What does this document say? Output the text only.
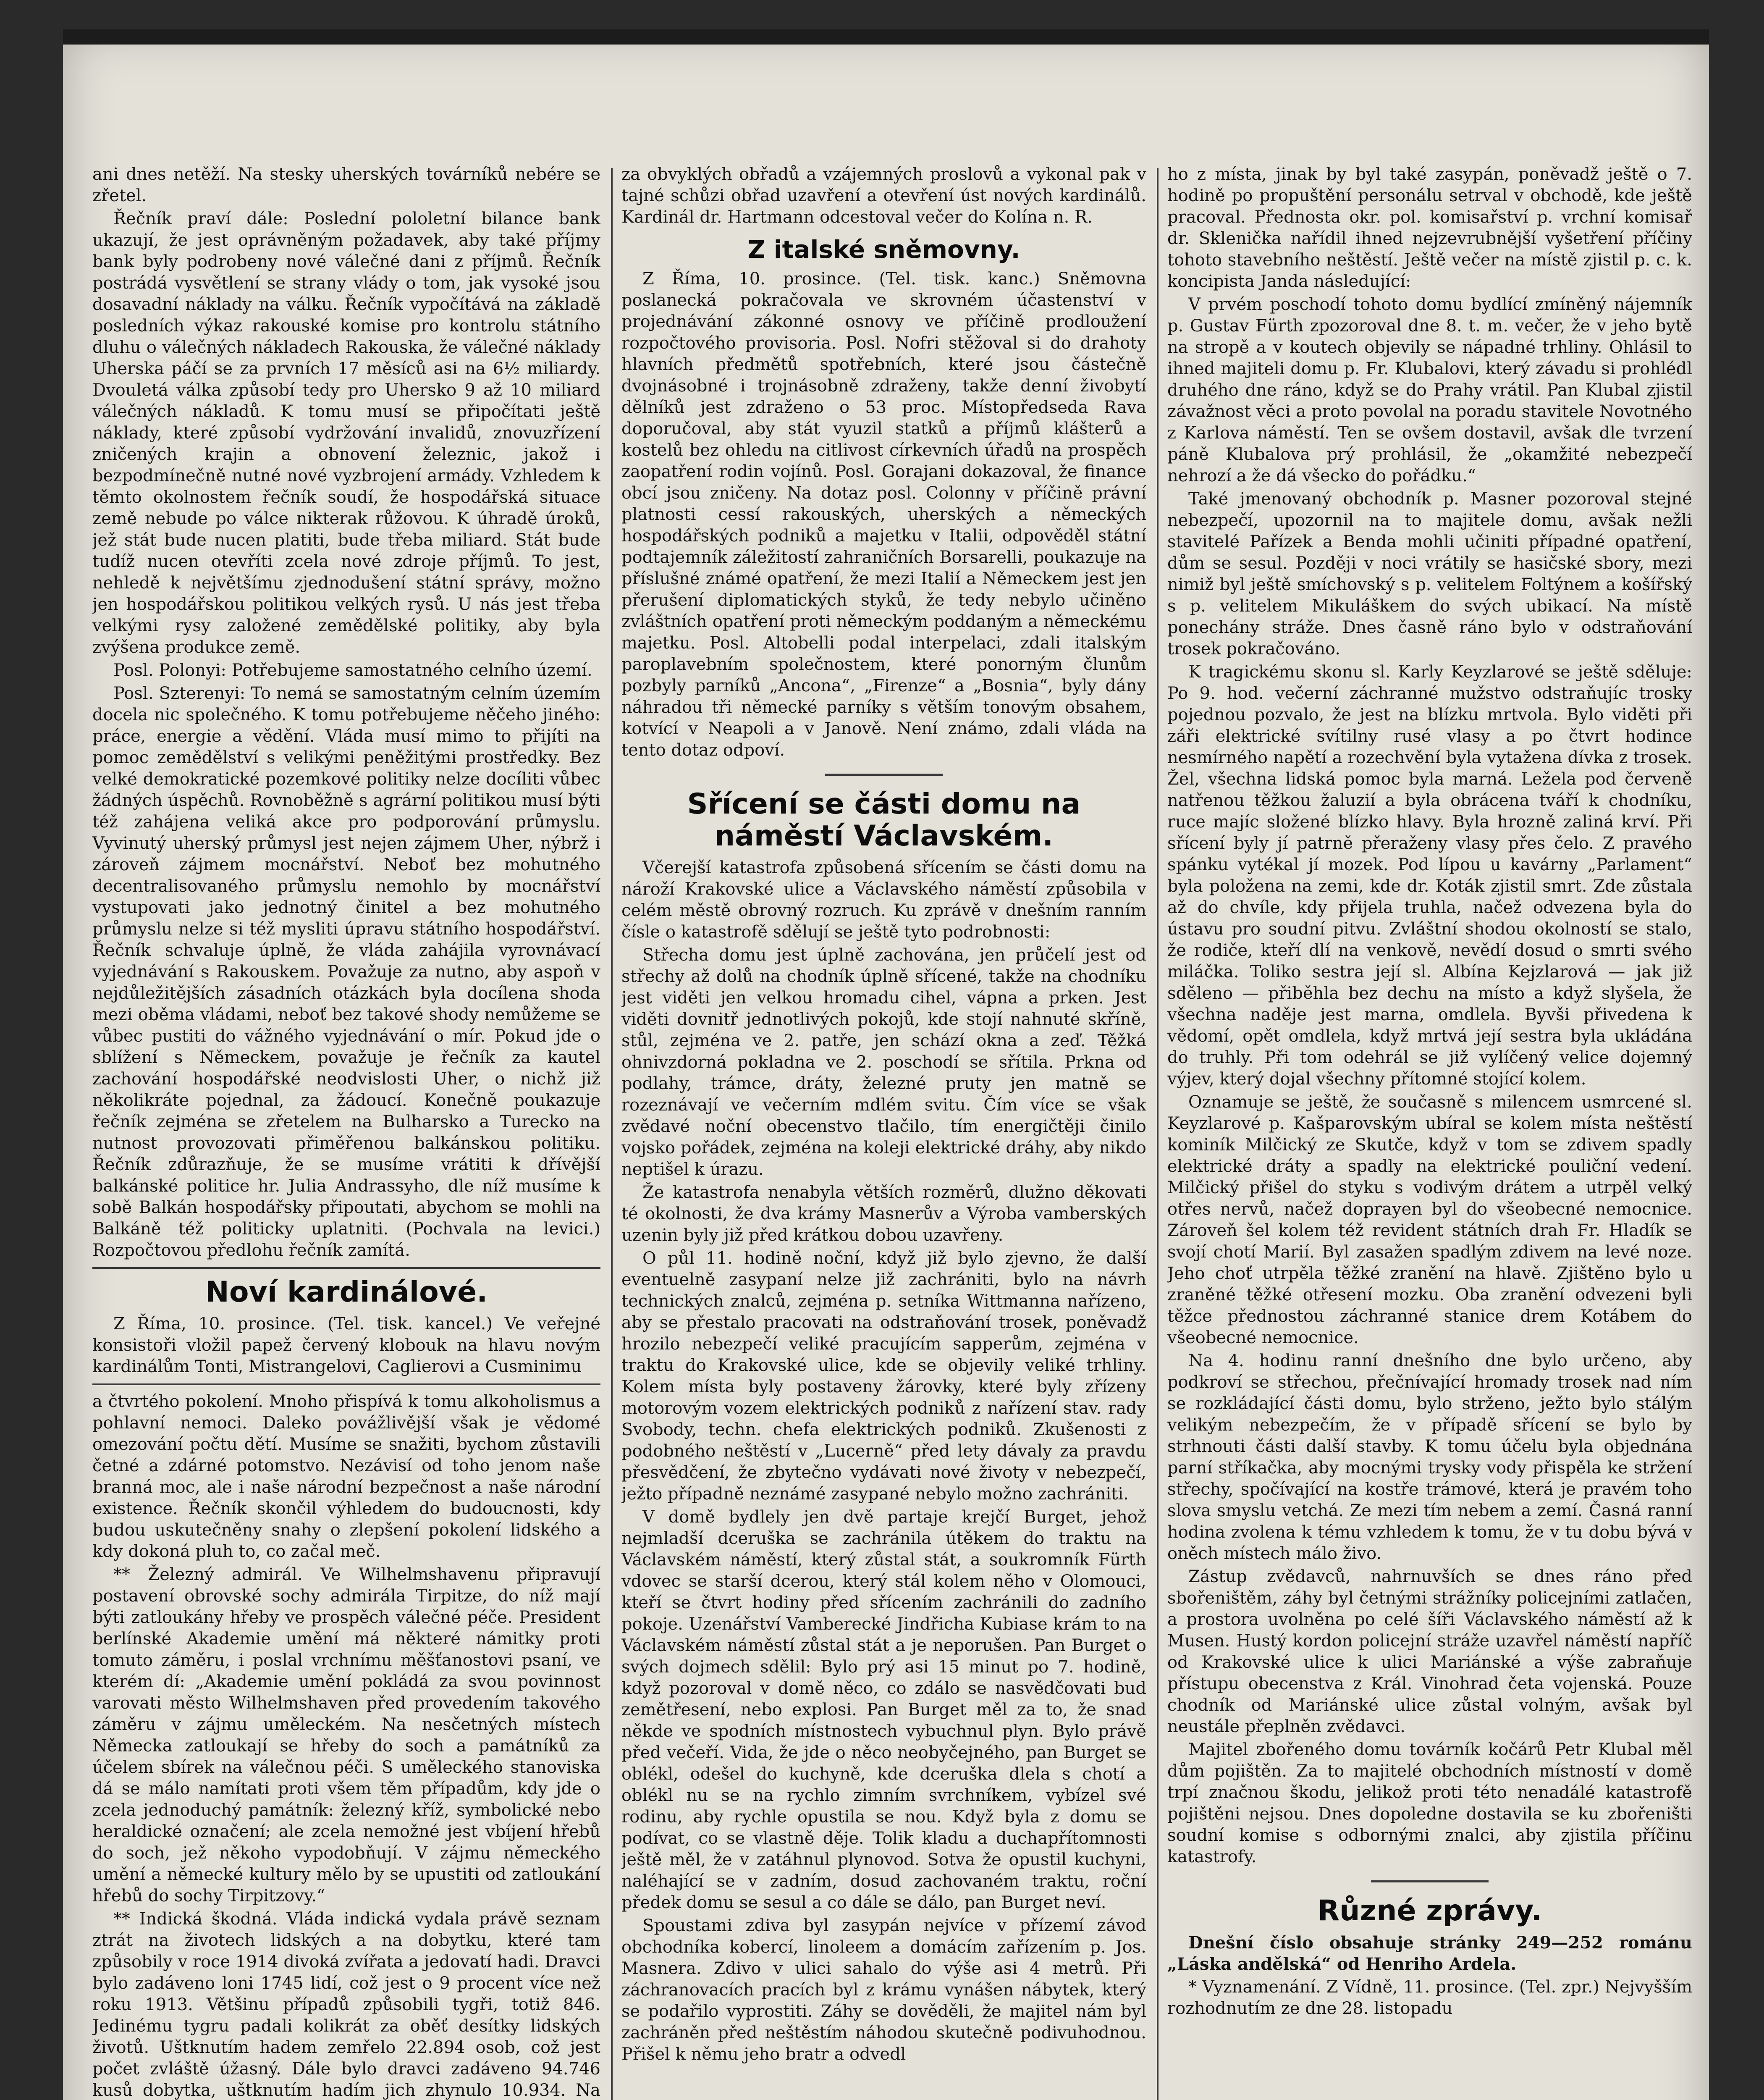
ani dnes netěží. Na stesky uherských továrníků nebére se zřetel.

Řečník praví dále: Poslední pololetní bilance bank ukazují, že jest oprávněným požadavek, aby také příjmy bank byly podrobeny nové válečné dani z příjmů. Řečník postrádá vysvětlení se strany vlády o tom, jak vysoké jsou dosavadní náklady na válku. Řečník vypočítává na základě posledních výkaz rakouské komise pro kontrolu státního dluhu o válečných nákladech Rakouska, že válečné náklady Uherska páčí se za prvních 17 měsíců asi na 6½ miliardy. Dvouletá válka způsobí tedy pro Uhersko 9 až 10 miliard válečných nákladů. K tomu musí se připočítati ještě náklady, které způsobí vydržování invalidů, znovuzřízení zničených krajin a obnovení železnic, jakož i bezpodmínečně nutné nové vyzbrojení armády. Vzhledem k těmto okolnostem řečník soudí, že hospodářská situace země nebude po válce nikterak růžovou. K úhradě úroků, jež stát bude nucen platiti, bude třeba miliard. Stát bude tudíž nucen otevříti zcela nové zdroje příjmů. To jest, nehledě k největšímu zjednodušení státní správy, možno jen hospodářskou politikou velkých rysů. U nás jest třeba velkými rysy založené zemědělské politiky, aby byla zvýšena produkce země.

Posl. Polonyi: Potřebujeme samostatného celního území.

Posl. Szterenyi: To nemá se samostatným celním územím docela nic společného. K tomu potřebujeme něčeho jiného: práce, energie a vědění. Vláda musí mimo to přijíti na pomoc zemědělství s velikými peněžitými prostředky. Bez velké demokratické pozemkové politiky nelze docíliti vůbec žádných úspěchů. Rovnoběžně s agrární politikou musí býti též zahájena veliká akce pro podporování průmyslu. Vyvinutý uherský průmysl jest nejen zájmem Uher, nýbrž i zároveň zájmem mocnářství. Neboť bez mohutného decentralisovaného průmyslu nemohlo by mocnářství vystupovati jako jednotný činitel a bez mohutného průmyslu nelze si též mysliti úpravu státního hospodářství. Řečník schvaluje úplně, že vláda zahájila vyrovnávací vyjednávání s Rakouskem. Považuje za nutno, aby aspoň v nejdůležitějších zásadních otázkách byla docílena shoda mezi oběma vládami, neboť bez takové shody nemůžeme se vůbec pustiti do vážného vyjednávání o mír. Pokud jde o sblížení s Německem, považuje je řečník za kautel zachování hospodářské neodvislosti Uher, o nichž již několikráte pojednal, za žádoucí. Konečně poukazuje řečník zejména se zřetelem na Bulharsko a Turecko na nutnost provozovati přiměřenou balkánskou politiku. Řečník zdůrazňuje, že se musíme vrátiti k dřívější balkánské politice hr. Julia Andrassyho, dle níž musíme k sobě Balkán hospodářsky připoutati, abychom se mohli na Balkáně též politicky uplatniti. (Pochvala na levici.) Rozpočtovou předlohu řečník zamítá.

Noví kardinálové.

Z Říma, 10. prosince. (Tel. tisk. kancel.) Ve veřejné konsistoři vložil papež červený klobouk na hlavu novým kardinálům Tonti, Mistrangelovi, Caglierovi a Cusminimu

a čtvrtého pokolení. Mnoho přispívá k tomu alkoholismus a pohlavní nemoci. Daleko povážlivější však je vědomé omezování počtu dětí. Musíme se snažiti, bychom zůstavili četné a zdárné potomstvo. Nezávisí od toho jenom naše branná moc, ale i naše národní bezpečnost a naše národní existence. Řečník skončil výhledem do budoucnosti, kdy budou uskutečněny snahy o zlepšení pokolení lidského a kdy dokoná pluh to, co začal meč.

** Železný admirál. Ve Wilhelmshavenu připravují postavení obrovské sochy admirála Tirpitze, do níž mají býti zatloukány hřeby ve prospěch válečné péče. President berlínské Akademie umění má některé námitky proti tomuto záměru, i poslal vrchnímu měšťanostovi psaní, ve kterém dí: „Akademie umění pokládá za svou povinnost varovati město Wilhelmshaven před provedením takového záměru v zájmu uměleckém. Na nesčetných místech Německa zatloukají se hřeby do soch a památníků za účelem sbírek na válečnou péči. S uměleckého stanoviska dá se málo namítati proti všem těm případům, kdy jde o zcela jednoduchý památník: železný kříž, symbolické nebo heraldické označení; ale zcela nemožné jest vbíjení hřebů do soch, jež někoho vypodobňují. V zájmu německého umění a německé kultury mělo by se upustiti od zatloukání hřebů do sochy Tirpitzovy.“

** Indická škodná. Vláda indická vydala právě seznam ztrát na životech lidských a na dobytku, které tam způsobily v roce 1914 divoká zvířata a jedovatí hadi. Dravci bylo zadáveno loni 1745 lidí, což jest o 9 procent více než roku 1913. Většinu případů způsobili tygři, totiž 846. Jedinému tygru padali kolikrát za oběť desítky lidských životů. Uštknutím hadem zemřelo 22.894 osob, což jest počet zvláště úžasný. Dále bylo dravci zadáveno 94.746 kusů dobytka, uštknutím hadím jich zhynulo 10.934. Na

za obvyklých obřadů a vzájemných proslovů a vykonal pak v tajné schůzi obřad uzavření a otevření úst nových kardinálů. Kardinál dr. Hartmann odcestoval večer do Kolína n. R.

Z italské sněmovny.

Z Říma, 10. prosince. (Tel. tisk. kanc.) Sněmovna poslanecká pokračovala ve skrovném účastenství v projednávání zákonné osnovy ve příčině prodloužení rozpočtového provisoria. Posl. Nofri stěžoval si do drahoty hlavních předmětů spotřebních, které jsou částečně dvojnásobné i trojnásobně zdraženy, takže denní živobytí dělníků jest zdraženo o 53 proc. Místopředseda Rava doporučoval, aby stát vyuzil statků a příjmů klášterů a kostelů bez ohledu na citlivost církevních úřadů na prospěch zaopatření rodin vojínů. Posl. Gorajani dokazoval, že finance obcí jsou zničeny. Na dotaz posl. Colonny v příčině právní platnosti cessí rakouských, uherských a německých hospodářských podniků a majetku v Italii, odpověděl státní podtajemník záležitostí zahraničních Borsarelli, poukazuje na příslušné známé opatření, že mezi Italií a Německem jest jen přerušení diplomatických styků, že tedy nebylo učiněno zvláštních opatření proti německým poddaným a německému majetku. Posl. Altobelli podal interpelaci, zdali italským paroplavebním společnostem, které ponorným člunům pozbyly parníků „Ancona“, „Firenze“ a „Bosnia“, byly dány náhradou tři německé parníky s větším tonovým obsahem, kotvící v Neapoli a v Janově. Není známo, zdali vláda na tento dotaz odpoví.

Sřícení se části domu na náměstí Václavském.

Včerejší katastrofa způsobená sřícením se části domu na nároží Krakovské ulice a Václavského náměstí způsobila v celém městě obrovný rozruch. Ku zprávě v dnešním ranním čísle o katastrofě sdělují se ještě tyto podrobnosti:

Střecha domu jest úplně zachována, jen průčelí jest od střechy až dolů na chodník úplně sřícené, takže na chodníku jest viděti jen velkou hromadu cihel, vápna a prken. Jest viděti dovnitř jednotlivých pokojů, kde stojí nahnuté skříně, stůl, zejména ve 2. patře, jen schází okna a zeď. Těžká ohnivzdorná pokladna ve 2. poschodí se sřítila. Prkna od podlahy, trámce, dráty, železné pruty jen matně se rozeznávají ve večerním mdlém svitu. Čím více se však zvědavé noční obecenstvo tlačilo, tím energičtěji činilo vojsko pořádek, zejména na koleji elektrické dráhy, aby nikdo neptišel k úrazu.

Že katastrofa nenabyla větších rozměrů, dlužno děkovati té okolnosti, že dva krámy Masnerův a Výroba vamberských uzenin byly již před krátkou dobou uzavřeny.

O půl 11. hodině noční, když již bylo zjevno, že další eventuelně zasypaní nelze již zachrániti, bylo na návrh technických znalců, zejména p. setníka Wittmanna nařízeno, aby se přestalo pracovati na odstraňování trosek, poněvadž hrozilo nebezpečí veliké pracujícím sapperům, zejména v traktu do Krakovské ulice, kde se objevily veliké trhliny. Kolem místa byly postaveny žárovky, které byly zřízeny motorovým vozem elektrických podniků z nařízení stav. rady Svobody, techn. chefa elektrických podniků. Zkušenosti z podobného neštěstí v „Lucerně“ před lety dávaly za pravdu přesvědčení, že zbytečno vydávati nové životy v nebezpečí, ježto případně neznámé zasypané nebylo možno zachrániti.

V domě bydlely jen dvě partaje krejčí Burget, jehož nejmladší dceruška se zachránila útěkem do traktu na Václavském náměstí, který zůstal stát, a soukromník Fürth vdovec se starší dcerou, který stál kolem něho v Olomouci, kteří se čtvrt hodiny před sřícením zachránili do zadního pokoje. Uzenářství Vamberecké Jindřicha Kubiase krám to na Václavském náměstí zůstal stát a je neporušen. Pan Burget o svých dojmech sdělil: Bylo prý asi 15 minut po 7. hodině, když pozoroval v domě něco, co zdálo se nasvědčovati buď zemětřesení, nebo explosi. Pan Burget měl za to, že snad někde ve spodních místnostech vybuchnul plyn. Bylo právě před večeří. Vida, že jde o něco neobyčejného, pan Burget se oblékl, odešel do kuchyně, kde dceruška dlela s chotí a oblékl nu se na rychlo zimním svrchníkem, vybízel své rodinu, aby rychle opustila se nou. Když byla z domu se podívat, co se vlastně děje. Tolik kladu a duchapřítomnosti ještě měl, že v zatáhnul plynovod. Sotva že opustil kuchyni, naléhající se v zadním, dosud zachovaném traktu, roční předek domu se sesul a co dále se dálo, pan Burget neví.

Spoustami zdiva byl zasypán nejvíce v přízemí závod obchodníka kobercí, linoleem a domácím zařízením p. Jos. Masnera. Zdivo v ulici sahalo do výše asi 4 metrů. Při záchranovacích pracích byl z krámu vynášen nábytek, který se podařilo vyprostiti. Záhy se dověděli, že majitel nám byl zachráněn před neštěstím náhodou skutečně podivuhodnou. Přišel k němu jeho bratr a odvedl

ho z místa, jinak by byl také zasypán, poněvadž ještě o 7. hodině po propuštění personálu setrval v obchodě, kde ještě pracoval. Přednosta okr. pol. komisařství p. vrchní komisař dr. Sklenička nařídil ihned nejzevrubnější vyšetření příčiny tohoto stavebního neštěstí. Ještě večer na místě zjistil p. c. k. koncipista Janda následující:

V prvém poschodí tohoto domu bydlící zmíněný nájemník p. Gustav Fürth zpozoroval dne 8. t. m. večer, že v jeho bytě na stropě a v koutech objevily se nápadné trhliny. Ohlásil to ihned majiteli domu p. Fr. Klubalovi, který závadu si prohlédl druhého dne ráno, když se do Prahy vrátil. Pan Klubal zjistil závažnost věci a proto povolal na poradu stavitele Novotného z Karlova náměstí. Ten se ovšem dostavil, avšak dle tvrzení páně Klubalova prý prohlásil, že „okamžité nebezpečí nehrozí a že dá všecko do pořádku.“

Také jmenovaný obchodník p. Masner pozoroval stejné nebezpečí, upozornil na to majitele domu, avšak nežli stavitelé Pařízek a Benda mohli učiniti případné opatření, dům se sesul. Později v noci vrátily se hasičské sbory, mezi nimiž byl ještě smíchovský s p. velitelem Foltýnem a košířský s p. velitelem Mikuláškem do svých ubikací. Na místě ponechány stráže. Dnes časně ráno bylo v odstraňování trosek pokračováno.

K tragickému skonu sl. Karly Keyzlarové se ještě sděluje: Po 9. hod. večerní záchranné mužstvo odstraňujíc trosky pojednou pozvalo, že jest na blízku mrtvola. Bylo viděti při záři elektrické svítilny rusé vlasy a po čtvrt hodince nesmírného napětí a rozechvění byla vytažena dívka z trosek. Žel, všechna lidská pomoc byla marná. Ležela pod červeně natřenou těžkou žaluzií a byla obrácena tváří k chodníku, ruce majíc složené blízko hlavy. Byla hrozně zaliná krví. Při sřícení byly jí patrně přeraženy vlasy přes čelo. Z pravého spánku vytékal jí mozek. Pod lípou u kavárny „Parlament“ byla položena na zemi, kde dr. Koták zjistil smrt. Zde zůstala až do chvíle, kdy přijela truhla, načež odvezena byla do ústavu pro soudní pitvu. Zvláštní shodou okolností se stalo, že rodiče, kteří dlí na venkově, nevědí dosud o smrti svého miláčka. Toliko sestra její sl. Albína Kejzlarová — jak již sděleno — přiběhla bez dechu na místo a když slyšela, že všechna naděje jest marna, omdlela. Byvši přivedena k vědomí, opět omdlela, když mrtvá její sestra byla ukládána do truhly. Při tom odehrál se již vylíčený velice dojemný výjev, který dojal všechny přítomné stojící kolem.

Oznamuje se ještě, že současně s milencem usmrcené sl. Keyzlarové p. Kašparovským ubíral se kolem místa neštěstí kominík Milčický ze Skutče, když v tom se zdivem spadly elektrické dráty a spadly na elektrické pouliční vedení. Milčický přišel do styku s vodivým drátem a utrpěl velký otřes nervů, načež doprayen byl do všeobecné nemocnice. Zároveň šel kolem též revident státních drah Fr. Hladík se svojí chotí Marií. Byl zasažen spadlým zdivem na levé noze. Jeho choť utrpěla těžké zranění na hlavě. Zjištěno bylo u zraněné těžké otřesení mozku. Oba zranění odvezeni byli těžce přednostou záchranné stanice drem Kotábem do všeobecné nemocnice.

Na 4. hodinu ranní dnešního dne bylo určeno, aby podkroví se střechou, přečnívající hromady trosek nad ním se rozkládající části domu, bylo strženo, ježto bylo stálým velikým nebezpečím, že v případě sřícení se bylo by strhnouti části další stavby. K tomu účelu byla objednána parní stříkačka, aby mocnými trysky vody přispěla ke stržení střechy, spočívající na kostře trámové, která je pravém toho slova smyslu vetchá. Ze mezi tím nebem a zemí. Časná ranní hodina zvolena k tému vzhledem k tomu, že v tu dobu bývá v oněch místech málo živo.

Zástup zvědavců, nahrnuvších se dnes ráno před sbořeništěm, záhy byl četnými strážníky policejními zatlačen, a prostora uvolněna po celé šíři Václavského náměstí až k Musen. Hustý kordon policejní stráže uzavřel náměstí napříč od Krakovské ulice k ulici Mariánské a výše zabraňuje přístupu obecenstva z Král. Vinohrad četa vojenská. Pouze chodník od Mariánské ulice zůstal volným, avšak byl neustále přeplněn zvědavci.

Majitel zbořeného domu továrník kočárů Petr Klubal měl dům pojištěn. Za to majitelé obchodních místností v domě trpí značnou škodu, jelikož proti této nenadálé katastrofě pojištěni nejsou. Dnes dopoledne dostavila se ku zbořeništi soudní komise s odbornými znalci, aby zjistila příčinu katastrofy.

Různé zprávy.

Dnešní číslo obsahuje stránky 249—252 románu „Láska andělská“ od Henriho Ardela.

* Vyznamenání. Z Vídně, 11. prosince. (Tel. zpr.) Nejvyšším rozhodnutím ze dne 28. listopadu
